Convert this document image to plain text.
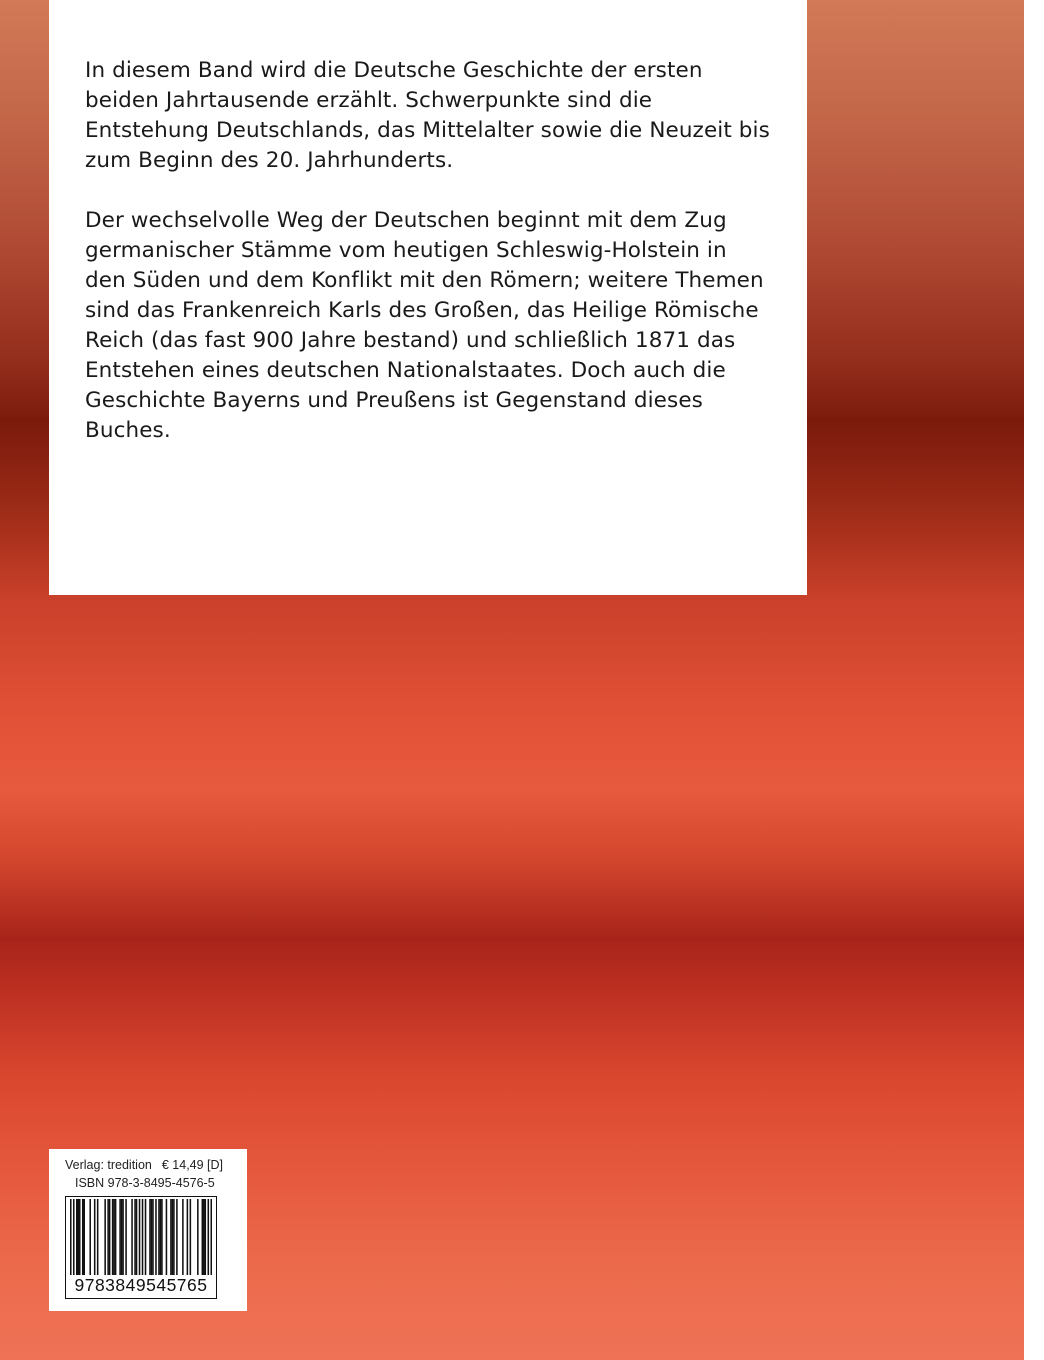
In diesem Band wird die Deutsche Geschichte der ersten beiden Jahrtausende erzählt. Schwerpunkte sind die Entstehung Deutschlands, das Mittelalter sowie die Neuzeit bis zum Beginn des 20. Jahrhunderts.

Der wechselvolle Weg der Deutschen beginnt mit dem Zug germanischer Stämme vom heutigen Schleswig-Holstein in den Süden und dem Konflikt mit den Römern; weitere Themen sind das Frankenreich Karls des Großen, das Heilige Römische Reich (das fast 900 Jahre bestand) und schließlich 1871 das Entstehen eines deutschen Nationalstaates. Doch auch die Geschichte Bayerns und Preußens ist Gegenstand dieses Buches.

Verlag: tredition € 14,49 [D]
ISBN 978-3-8495-4576-5
9783849545765
